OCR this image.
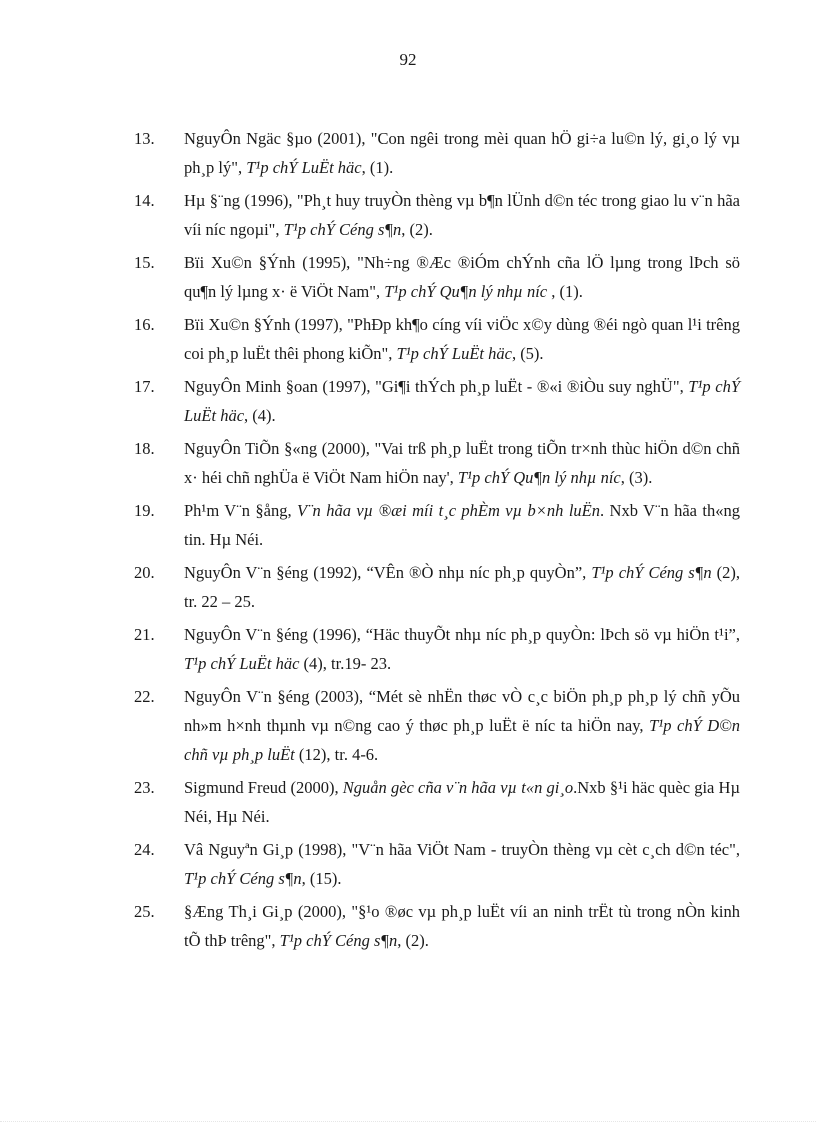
92
13. NguyÔn Ngäc §µo (2001), "Con ngêi trong mèi quan hÖ gi÷a lu©n lý, gi¸o lý vµ ph¸p lý", T¹p chÝ LuËt häc, (1).
14. Hµ §¨ng (1996), "Ph¸t huy truyÒn thèng vµ b¶n lÜnh d©n téc trong giao lu v¨n hãa víi níc ngoµi", T¹p chÝ Céng s¶n, (2).
15. Bïi Xu©n §Ýnh (1995), "Nh÷ng ®Æc ®iÓm chÝnh cña lÖ lµng trong lÞch sö qu¶n lý lµng x· ë ViÖt Nam", T¹p chÝ Qu¶n lý nhµ níc , (1).
16. Bïi Xu©n §Ýnh (1997), "PhÐp kh¶o cíng víi viÖc x©y dùng ®éi ngò quan l¹i trêng coi ph¸p luËt thêi phong kiÕn", T¹p chÝ LuËt häc, (5).
17. NguyÔn Minh §oan (1997), "Gi¶i thÝch ph¸p luËt - ®«i ®iÒu suy nghÜ", T¹p chÝ LuËt häc, (4).
18. NguyÔn TiÕn §«ng (2000), "Vai trß ph¸p luËt trong tiÕn tr×nh thùc hiÖn d©n chñ x· héi chñ nghÜa ë ViÖt Nam hiÖn nay', T¹p chÝ Qu¶n lý nhµ níc, (3).
19. Ph¹m V¨n §ång, V¨n hãa vµ ®æi míi t¸c phÈm vµ b×nh luËn. Nxb V¨n hãa th«ng tin. Hµ Néi.
20. NguyÔn V¨n §éng (1992), “VÊn ®Ò nhµ níc ph¸p quyÒn”, T¹p chÝ Céng s¶n (2), tr. 22 – 25.
21. NguyÔn V¨n §éng (1996), “Häc thuyÕt nhµ níc ph¸p quyÒn: lÞch sö vµ hiÖn t¹i”, T¹p chÝ LuËt häc (4), tr.19- 23.
22. NguyÔn V¨n §éng (2003), “Mét sè nhËn thøc vÒ c¸c biÖn ph¸p ph¸p lý chñ yÕu nh»m h×nh thµnh vµ n©ng cao ý thøc ph¸p luËt ë níc ta hiÖn nay, T¹p chÝ D©n chñ vµ ph¸p luËt (12), tr. 4-6.
23. Sigmund Freud (2000), Nguån gèc cña v¨n hãa vµ t«n gi¸o.Nxb §¹i häc quèc gia Hµ Néi, Hµ Néi.
24. Vâ Nguyªn Gi¸p (1998), "V¨n hãa ViÖt Nam - truyÒn thèng vµ cèt c¸ch d©n téc", T¹p chÝ Céng s¶n, (15).
25. §Æng Th¸i Gi¸p (2000), "§¹o ®øc vµ ph¸p luËt víi an ninh trËt tù trong nÒn kinh tÕ thÞ trêng", T¹p chÝ Céng s¶n, (2).
